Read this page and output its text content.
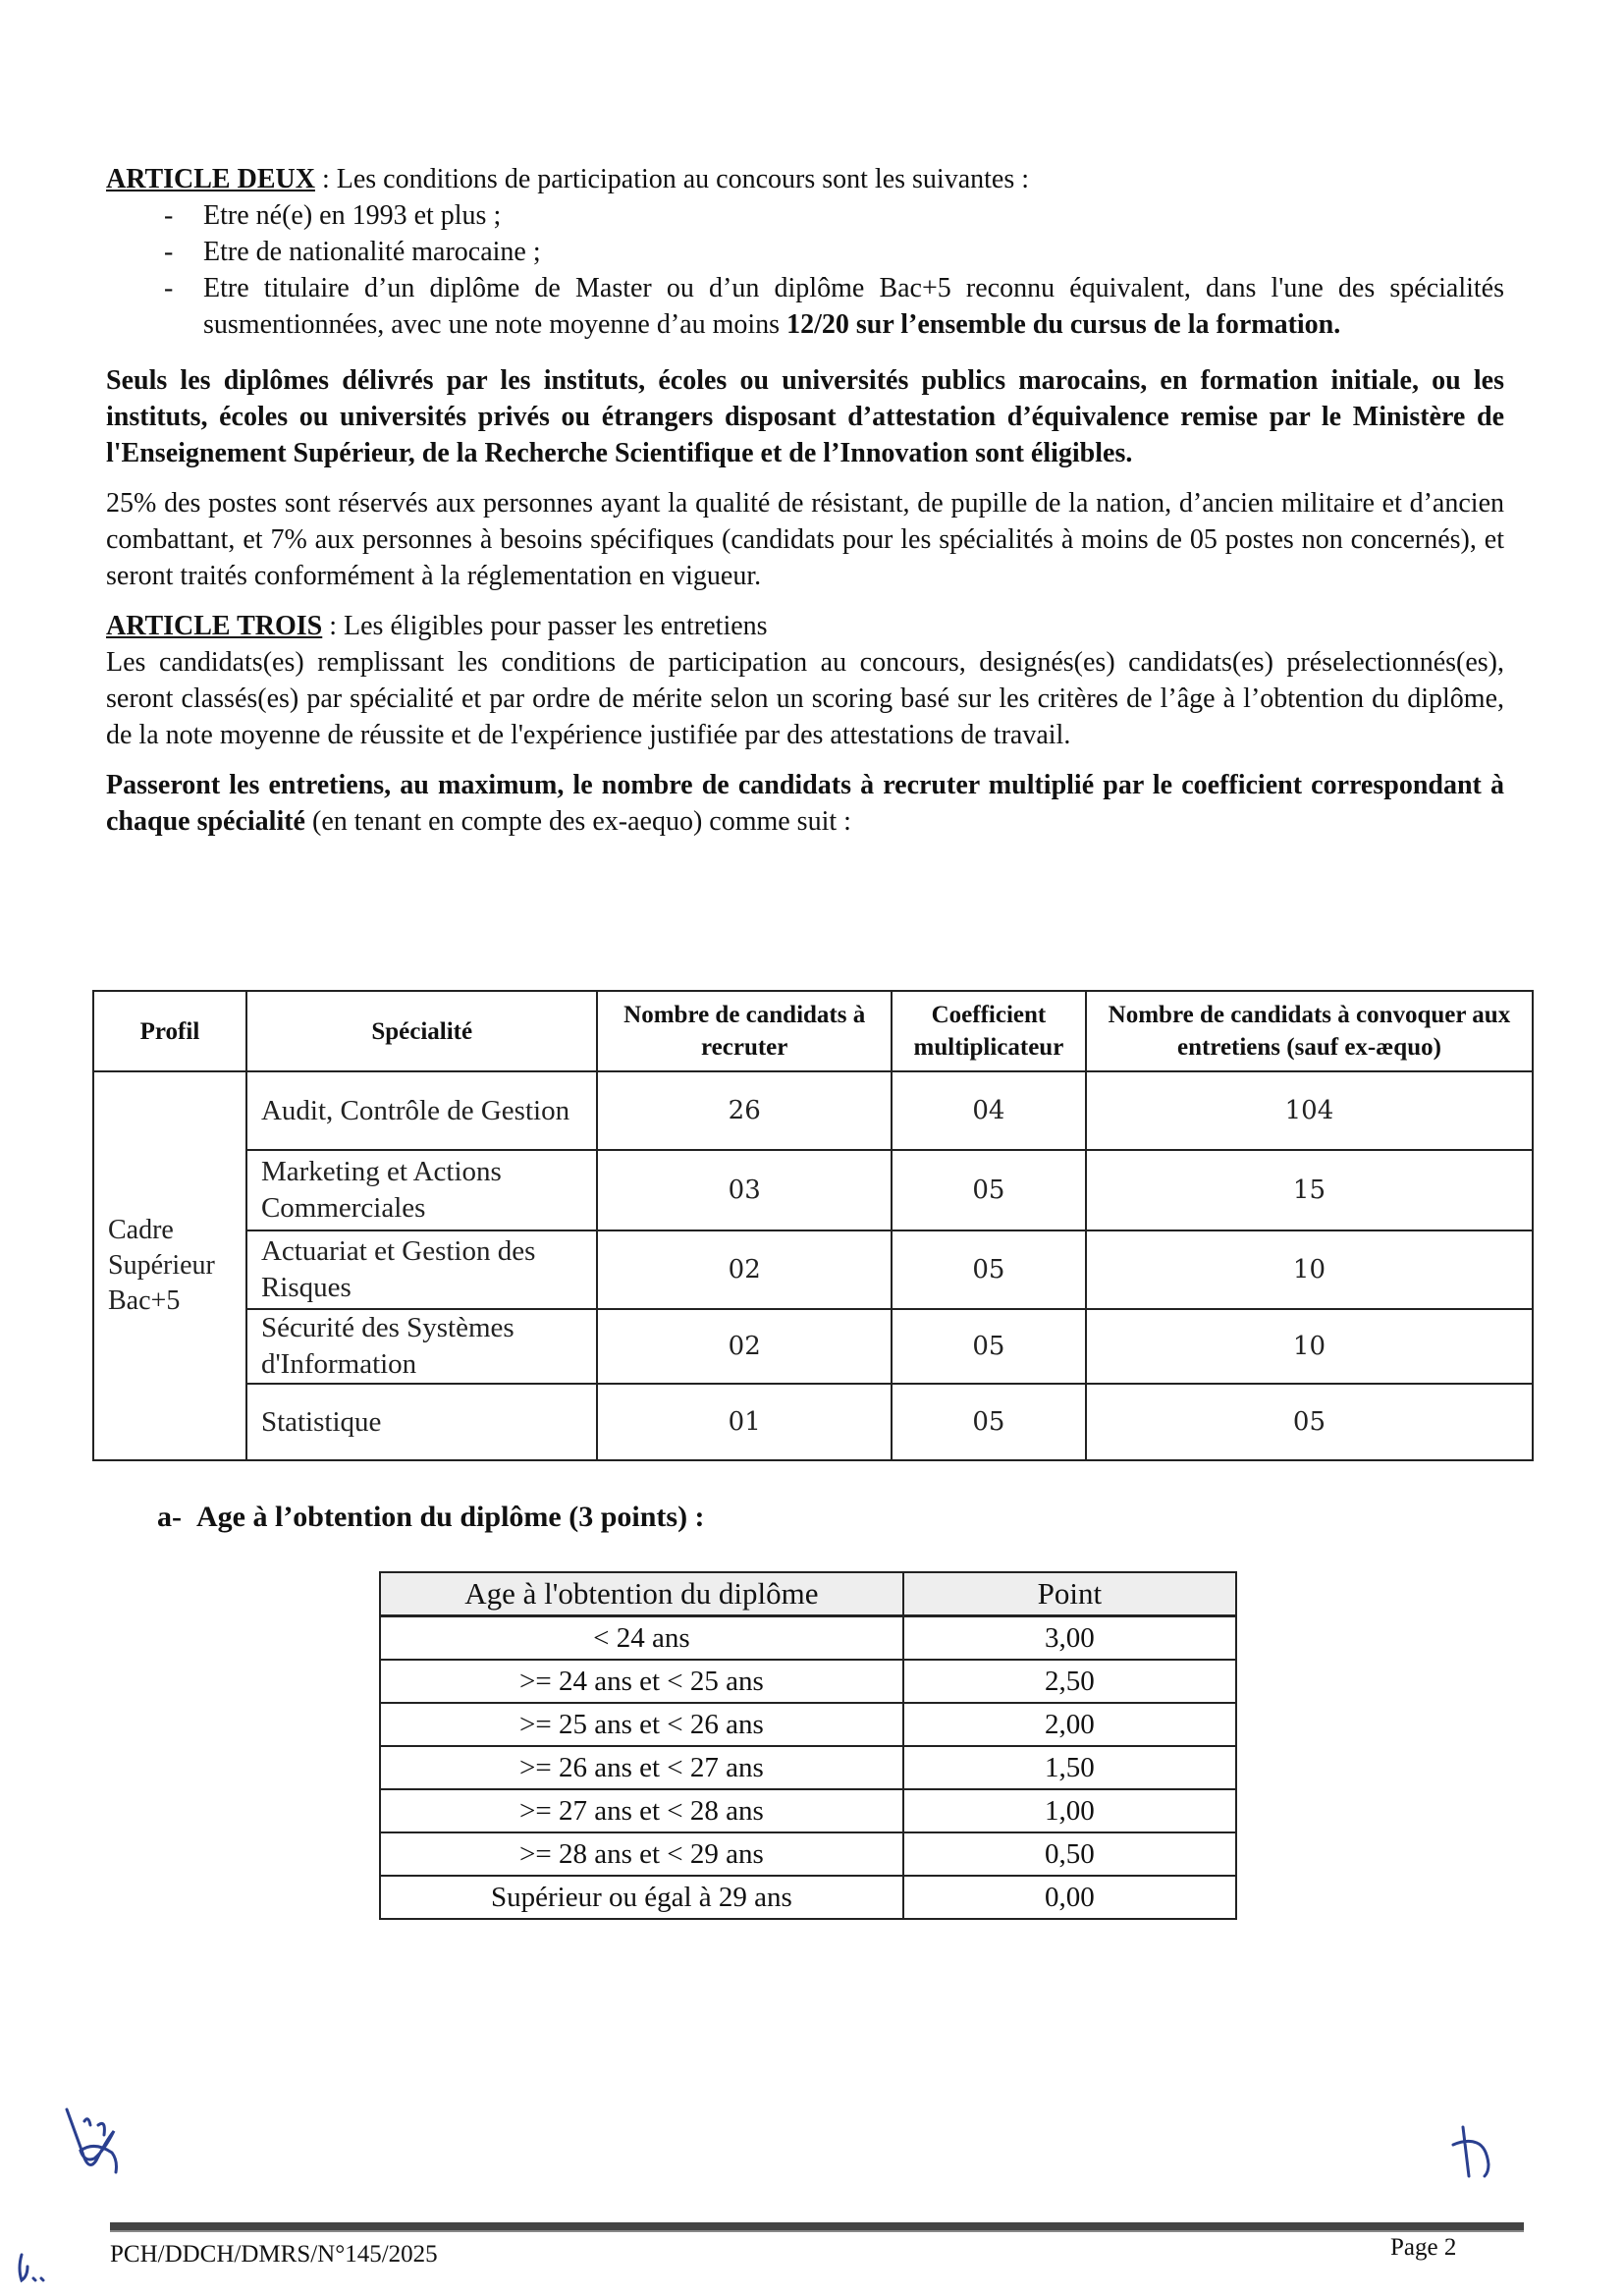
ARTICLE DEUX : Les conditions de participation au concours sont les suivantes :

- Etre né(e) en 1993 et plus ;
- Etre de nationalité marocaine ;
- Etre titulaire d’un diplôme de Master ou d’un diplôme Bac+5 reconnu équivalent, dans l'une des spécialités susmentionnées, avec une note moyenne d’au moins 12/20 sur l’ensemble du cursus de la formation.

Seuls les diplômes délivrés par les instituts, écoles ou universités publics marocains, en formation initiale, ou les instituts, écoles ou universités privés ou étrangers disposant d’attestation d’équivalence remise par le Ministère de l'Enseignement Supérieur, de la Recherche Scientifique et de l’Innovation sont éligibles.

25% des postes sont réservés aux personnes ayant la qualité de résistant, de pupille de la nation, d’ancien militaire et d’ancien combattant, et 7% aux personnes à besoins spécifiques (candidats pour les spécialités à moins de 05 postes non concernés), et seront traités conformément à la réglementation en vigueur.

ARTICLE TROIS : Les éligibles pour passer les entretiens

Les candidats(es) remplissant les conditions de participation au concours, designés(es) candidats(es) préselectionnés(es), seront classés(es) par spécialité et par ordre de mérite selon un scoring basé sur les critères de l’âge à l’obtention du diplôme, de la note moyenne de réussite et de l'expérience justifiée par des attestations de travail.

Passeront les entretiens, au maximum, le nombre de candidats à recruter multiplié par le coefficient correspondant à chaque spécialité (en tenant en compte des ex-aequo) comme suit :

Profil	Spécialité	Nombre de candidats à recruter	Coefficient multiplicateur	Nombre de candidats à convoquer aux entretiens (sauf ex-æquo)
Cadre Supérieur Bac+5	Audit, Contrôle de Gestion	26	04	104
	Marketing et Actions Commerciales	03	05	15
	Actuariat et Gestion des Risques	02	05	10
	Sécurité des Systèmes d'Information	02	05	10
	Statistique	01	05	05
a- Age à l’obtention du diplôme (3 points) :
Age à l'obtention du diplôme	Point
< 24 ans	3,00
>= 24 ans et < 25 ans	2,50
>= 25 ans et < 26 ans	2,00
>= 26 ans et < 27 ans	1,50
>= 27 ans et < 28 ans	1,00
>= 28 ans et < 29 ans	0,50
Supérieur ou égal à 29 ans	0,00
PCH/DDCH/DMRS/N°145/2025	Page 2
